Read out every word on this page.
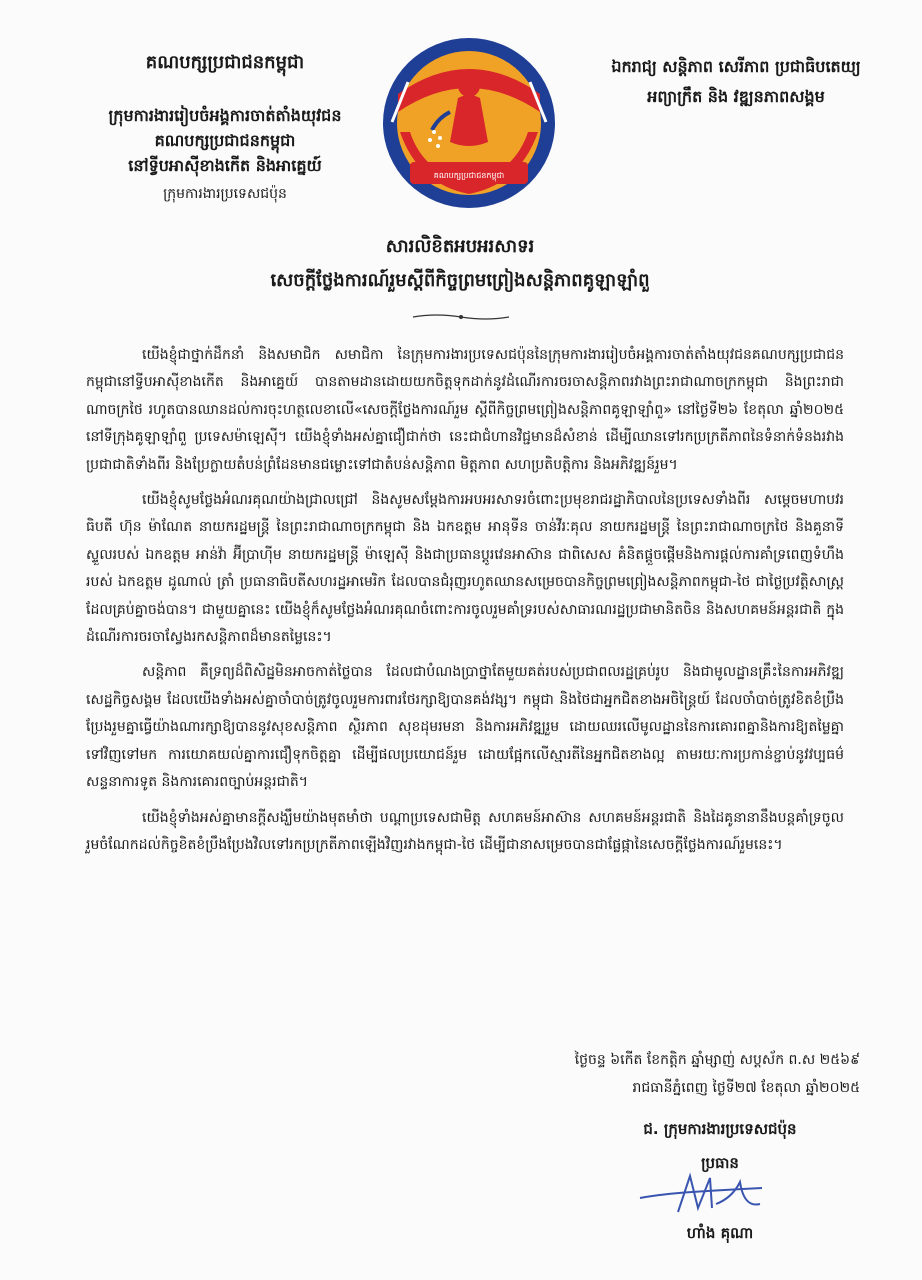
គណបក្សប្រជាជនកម្ពុជា
ក្រុមការងាររៀបចំអង្គការចាត់តាំងយុវជន
គណបក្សប្រជាជនកម្ពុជា
នៅទ្វីបអាស៊ីខាងកើត និងអាគ្នេយ៍
ក្រុមការងារប្រទេសជប៉ុន
គណបក្សប្រជាជនកម្ពុជា
ឯករាជ្យ សន្តិភាព សេរីភាព ប្រជាធិបតេយ្យ
អព្យាក្រឹត និង វឌ្ឍនភាពសង្គម
សារលិខិតអបអរសាទរ
សេចក្តីថ្លែងការណ៍រួមស្តីពីកិច្ចព្រមព្រៀងសន្តិភាពគូឡាឡាំពួ

យើងខ្ញុំជាថ្នាក់ដឹកនាំ និងសមាជិក សមាជិកា នៃក្រុមការងារប្រទេសជប៉ុននៃក្រុមការងាររៀបចំអង្គការចាត់តាំងយុវជនគណបក្សប្រជាជនកម្ពុជានៅទ្វីបអាស៊ីខាងកើត និងអាគ្នេយ៍ បានតាមដានដោយយកចិត្តទុកដាក់នូវដំណើរការចរចាសន្តិភាពរវាងព្រះរាជាណាចក្រកម្ពុជា និងព្រះរាជាណាចក្រថៃ រហូតបានឈានដល់ការចុះហត្ថលេខាលើ«សេចក្តីថ្លែងការណ៍រួម ស្តីពីកិច្ចព្រមព្រៀងសន្តិភាពគូឡាឡាំពួ» នៅថ្ងៃទី២៦ ខែតុលា ឆ្នាំ២០២៥ នៅទីក្រុងគូឡាឡាំពួ ប្រទេសម៉ាឡេស៊ី។ យើងខ្ញុំទាំងអស់គ្នាជឿជាក់ថា នេះជាជំហានវិជ្ជមានដ៏សំខាន់ ដើម្បីឈានទៅរកប្រក្រតីភាពនៃទំនាក់ទំនងរវាងប្រជាជាតិទាំងពីរ និងប្រែក្លាយតំបន់ព្រំដែនមានជម្លោះទៅជាតំបន់សន្តិភាព មិត្តភាព សហប្រតិបត្តិការ និងអភិវឌ្ឍន៍រួម។

យើងខ្ញុំសូមថ្លែងអំណរគុណយ៉ាងជ្រាលជ្រៅ និងសូមសម្តែងការអបអរសាទរចំពោះប្រមុខរាជរដ្ឋាភិបាលនៃប្រទេសទាំងពីរ សម្តេចមហាបវរធិបតី ហ៊ុន ម៉ាណែត នាយករដ្ឋមន្ត្រី នៃព្រះរាជាណាចក្រកម្ពុជា និង ឯកឧត្តម អានុទីន ចាន់វីរៈគុល នាយករដ្ឋមន្ត្រី នៃព្រះរាជាណាចក្រថៃ និងគួនាទីស្ទួលរបស់ ឯកឧត្តម អាន់វ៉ា អ៊ីប្រាហ៊ីម នាយករដ្ឋមន្ត្រី ម៉ាឡេស៊ី និងជាប្រធានប្តូរវេនអាស៊ាន ជាពិសេស គំនិតផ្តួចផ្តើមនិងការផ្តល់ការគាំទ្រពេញទំហឹងរបស់ ឯកឧត្តម ដូណាល់ ត្រាំ ប្រធានាធិបតីសហរដ្ឋអាមេរិក ដែលបានជំរុញរហូតឈានសម្រេចបានកិច្ចព្រមព្រៀងសន្តិភាពកម្ពុជា-ថៃ ជាថ្ងៃប្រវត្តិសាស្ត្រដែលគ្រប់គ្នាចង់បាន។ ជាមួយគ្នានេះ យើងខ្ញុំក៏សូមថ្លែងអំណរគុណចំពោះការចូលរួមគាំទ្ររបស់សាធារណរដ្ឋប្រជាមានិតចិន និងសហគមន៍អន្តរជាតិ ក្នុងដំណើរការចរចាស្វែងរកសន្តិភាពដ៏មានតម្លៃនេះ។

សន្តិភាព គឺទ្រព្យដ៏ពិសិដ្ឋមិនអាចកាត់ថ្លៃបាន ដែលជាបំណងប្រាថ្នាតែមួយគត់របស់ប្រជាពលរដ្ឋគ្រប់រូប និងជាមូលដ្ឋានគ្រឹះនៃការអភិវឌ្ឍសេដ្ឋកិច្ចសង្គម ដែលយើងទាំងអស់គ្នាចាំបាច់ត្រូវចូលរួមការពារថែរក្សាឱ្យបានគង់វង្ស។ កម្ពុជា និងថៃជាអ្នកជិតខាងអចិន្ត្រៃយ៍ ដែលចាំបាច់ត្រូវខិតខំប្រឹងប្រែងរួមគ្នាធ្វើយ៉ាងណារក្សាឱ្យបាននូវសុខសន្តិភាព ស្ថិរភាព សុខដុមរមនា និងការអភិវឌ្ឍរួម ដោយឈរលើមូលដ្ឋាននៃការគោរពគ្នានិងការឱ្យតម្លៃគ្នាទៅវិញទៅមក ការយោគយល់គ្នាការជឿទុកចិត្តគ្នា ដើម្បីផលប្រយោជន៍រួម ដោយផ្អែកលើស្មារតីនៃអ្នកជិតខាងល្អ តាមរយៈការប្រកាន់ខ្ជាប់នូវវប្បធម៌សន្ទនាការទូត និងការគោរពច្បាប់អន្តរជាតិ។

យើងខ្ញុំទាំងអស់គ្នាមានក្តីសង្ឃឹមយ៉ាងមុតមាំថា បណ្តាប្រទេសជាមិត្ត សហគមន៍អាស៊ាន សហគមន៍អន្តរជាតិ និងដៃគូនានានឹងបន្តគាំទ្រចូលរួមចំណែកដល់កិច្ចខិតខំប្រឹងប្រែងវិលទៅរកប្រក្រតីភាពឡើងវិញរវាងកម្ពុជា-ថៃ ដើម្បីជានាសម្រេចបានជាផ្លែផ្កានៃសេចក្តីថ្លែងការណ៍រួមនេះ។

ថ្ងៃចន្ទ ៦កើត ខែកត្តិក ឆ្នាំម្សាញ់ សប្តស័ក ព.ស ២៥៦៩
រាជធានីភ្នំពេញ ថ្ងៃទី២៧ ខែតុលា ឆ្នាំ២០២៥
ជ. ក្រុមការងារប្រទេសជប៉ុន
ប្រធាន
ហាំង គុណា
